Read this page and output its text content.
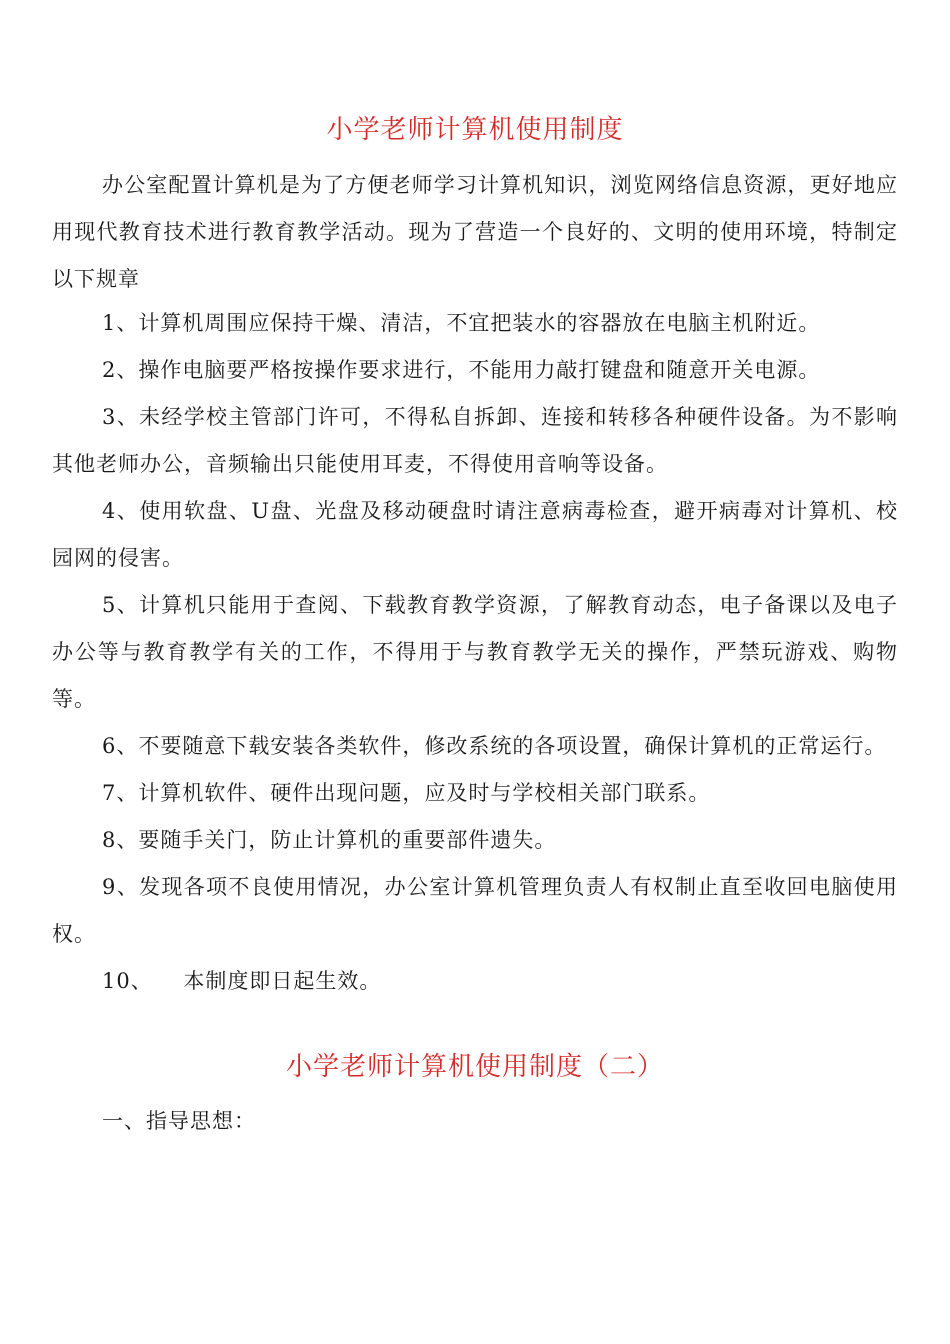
小学老师计算机使用制度
办公室配置计算机是为了方便老师学习计算机知识，浏览网络信息资源，更好地应用现代教育技术进行教育教学活动。现为了营造一个良好的、文明的使用环境，特制定以下规章

1、计算机周围应保持干燥、清洁，不宜把装水的容器放在电脑主机附近。

2、操作电脑要严格按操作要求进行，不能用力敲打键盘和随意开关电源。

3、未经学校主管部门许可，不得私自拆卸、连接和转移各种硬件设备。为不影响其他老师办公，音频输出只能使用耳麦，不得使用音响等设备。

4、使用软盘、U盘、光盘及移动硬盘时请注意病毒检查，避开病毒对计算机、校园网的侵害。

5、计算机只能用于查阅、下载教育教学资源，了解教育动态，电子备课以及电子办公等与教育教学有关的工作，不得用于与教育教学无关的操作，严禁玩游戏、购物等。

6、不要随意下载安装各类软件，修改系统的各项设置，确保计算机的正常运行。

7、计算机软件、硬件出现问题，应及时与学校相关部门联系。

8、要随手关门，防止计算机的重要部件遗失。

9、发现各项不良使用情况，办公室计算机管理负责人有权制止直至收回电脑使用权。

10、    本制度即日起生效。

小学老师计算机使用制度（二）
一、指导思想：
